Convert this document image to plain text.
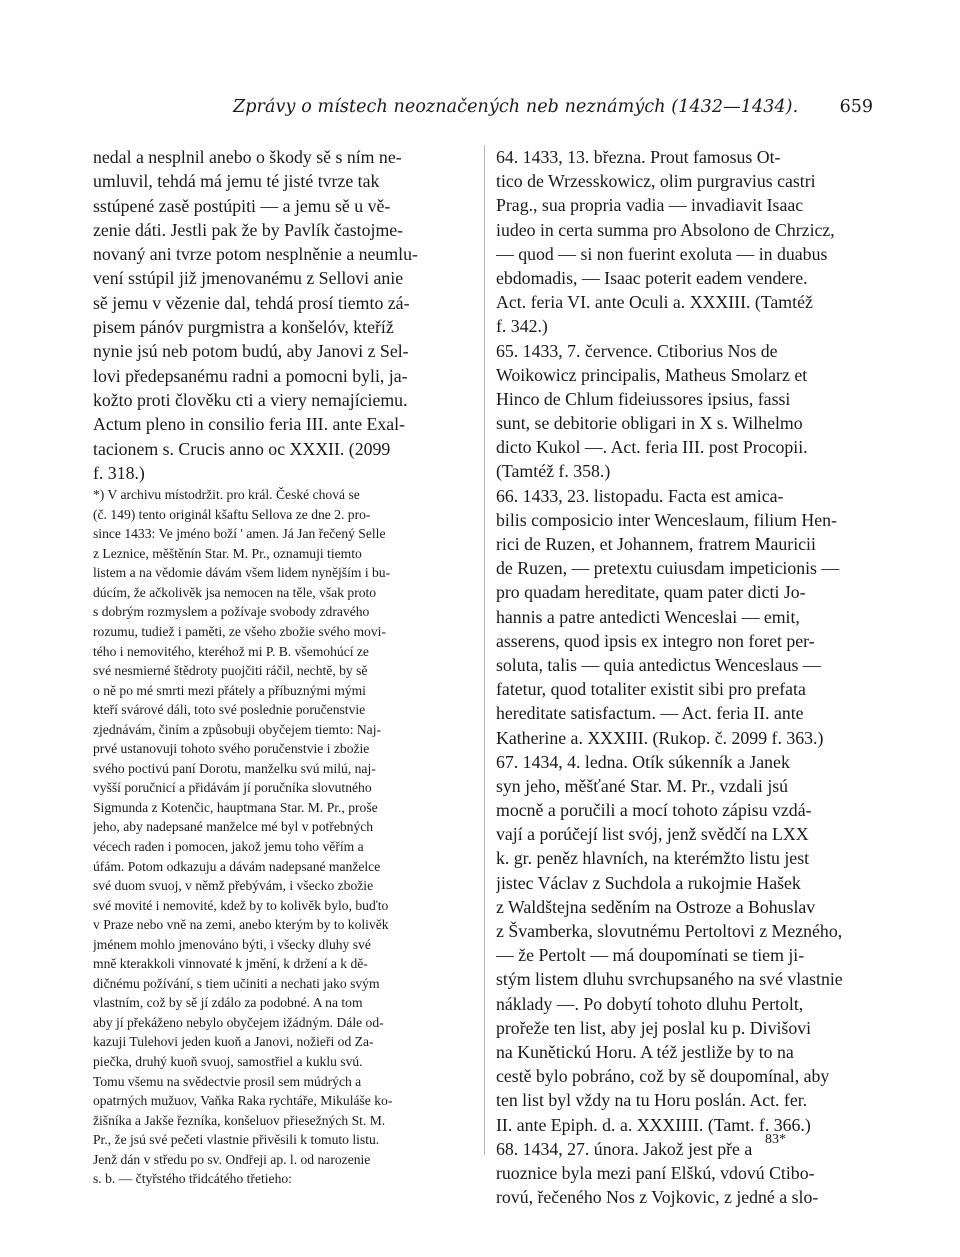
Zprávy o místech neoznačených neb neznámých (1432—1434). 659
nedal a nesplnil anebo o škody sě s ním ne-
umluvil, tehdá má jemu té jisté tvrze tak
sstúpené zasě postúpiti — a jemu sě u vě-
zenie dáti. Jestli pak že by Pavlík častojme-
novaný ani tvrze potom nesplněnie a neumlu-
vení sstúpil již jmenovanému z Sellovi anie
sě jemu v vězenie dal, tehdá prosí tiemto zá-
pisem pánóv purgmistra a konšelóv, kteříž
nynie jsú neb potom budú, aby Janovi z Sel-
lovi předepsanému radni a pomocni byli, ja-
kožto proti člověku cti a viery nemajíciemu.
Actum pleno in consilio feria III. ante Exal-
tacionem s. Crucis anno oc XXXII. (2099
f. 318.)
*) V archivu místodržit. pro král. České chová se
(č. 149) tento originál kšaftu Sellova ze dne 2. pro-
since 1433: Ve jméno boží ' amen. Já Jan řečený Selle
z Leznice, měštěnín Star. M. Pr., oznamuji tiemto
listem a na vědomie dávám všem lidem nynějším i bu-
dúcím, že ačkolivěk jsa nemocen na těle, však proto
s dobrým rozmyslem a požívaje svobody zdravého
rozumu, tudiež i paměti, ze všeho zbožie svého movi-
tého i nemovitého, kteréhož mi P. B. všemohúcí ze
své nesmierné štědroty puojčiti ráčil, nechtě, by sě
o ně po mé smrti mezi přátely a příbuznými mými
kteří svárové dáli, toto své poslednie poručenstvie
zjednávám, činím a způsobuji obyčejem tiemto: Naj-
prvé ustanovuji tohoto svého poručenstvie i zbožie
svého poctivú paní Dorotu, manželku svú milú, naj-
vyšší poručnicí a přidávám jí poručníka slovutného
Sigmunda z Kotenčic, hauptmana Star. M. Pr., proše
jeho, aby nadepsané manželce mé byl v potřebných
vécech raden i pomocen, jakož jemu toho věřím a
úfám. Potom odkazuju a dávám nadepsané manželce
své duom svuoj, v němž přebývám, i všecko zbožie
své movité i nemovité, kdež by to kolivěk bylo, buďto
v Praze nebo vně na zemi, anebo kterým by to kolivěk
jménem mohlo jmenováno býti, i všecky dluhy své
mně kterakkoli vinnovaté k jmění, k držení a k dě-
dičnému požívání, s tiem učiniti a nechati jako svým
vlastním, což by sě jí zdálo za podobné. A na tom
aby jí překáženo nebylo obyčejem ižádným. Dále od-
kazuji Tulehovi jeden kuoň a Janovi, nožieři od Za-
piečka, druhý kuoň svuoj, samostřiel a kuklu svú.
Tomu všemu na svědectvie prosil sem múdrých a
opatrných mužuov, Vaňka Raka rychtáře, Mikuláše ko-
žišníka a Jakše řezníka, konšeluov přiesežných St. M.
Pr., že jsú své pečeti vlastnie přivěsili k tomuto listu.
Jenž dán v středu po sv. Ondřeji ap. l. od narozenie
s. b. — čtyřstého třidcátého třetieho:
64. 1433, 13. března. Prout famosus Ot-
tico de Wrzesskowicz, olim purgravius castri
Prag., sua propria vadia — invadiavit Isaac
iudeo in certa summa pro Absolono de Chrzicz,
— quod — si non fuerint exoluta — in duabus
ebdomadis, — Isaac poterit eadem vendere.
Act. feria VI. ante Oculi a. XXXIII. (Tamtéž
f. 342.)
65. 1433, 7. července. Ctiborius Nos de
Woikowicz principalis, Matheus Smolarz et
Hinco de Chlum fideiussores ipsius, fassi
sunt, se debitorie obligari in X s. Wilhelmo
dicto Kukol —. Act. feria III. post Procopii.
(Tamtéž f. 358.)
66. 1433, 23. listopadu. Facta est amica-
bilis composicio inter Wenceslaum, filium Hen-
rici de Ruzen, et Johannem, fratrem Mauricii
de Ruzen, — pretextu cuiusdam impeticionis —
pro quadam hereditate, quam pater dicti Jo-
hannis a patre antedicti Wenceslai — emit,
asserens, quod ipsis ex integro non foret per-
soluta, talis — quia antedictus Wenceslaus —
fatetur, quod totaliter existit sibi pro prefata
hereditate satisfactum. — Act. feria II. ante
Katherine a. XXXIII. (Rukop. č. 2099 f. 363.)
67. 1434, 4. ledna. Otík súkenník a Janek
syn jeho, měšťané Star. M. Pr., vzdali jsú
mocně a poručili a mocí tohoto zápisu vzdá-
vají a porúčejí list svój, jenž svědčí na LXX
k. gr. peněz hlavních, na kterémžto listu jest
jistec Václav z Suchdola a rukojmie Hašek
z Waldštejna seděním na Ostroze a Bohuslav
z Švamberka, slovutnému Pertoltovi z Mezného,
— že Pertolt — má doupomínati se tiem ji-
stým listem dluhu svrchupsaného na své vlastnie
náklady —. Po dobytí tohoto dluhu Pertolt,
prořeže ten list, aby jej poslal ku p. Divišovi
na Kunětickú Horu. A též jestliže by to na
cestě bylo pobráno, což by sě doupomínal, aby
ten list byl vždy na tu Horu poslán. Act. fer.
II. ante Epiph. d. a. XXXIIII. (Tamt. f. 366.)
68. 1434, 27. února. Jakož jest pře a
ruoznice byla mezi paní Elškú, vdovú Ctibo-
rovú, řečeného Nos z Vojkovic, z jedné a slo-
83*
